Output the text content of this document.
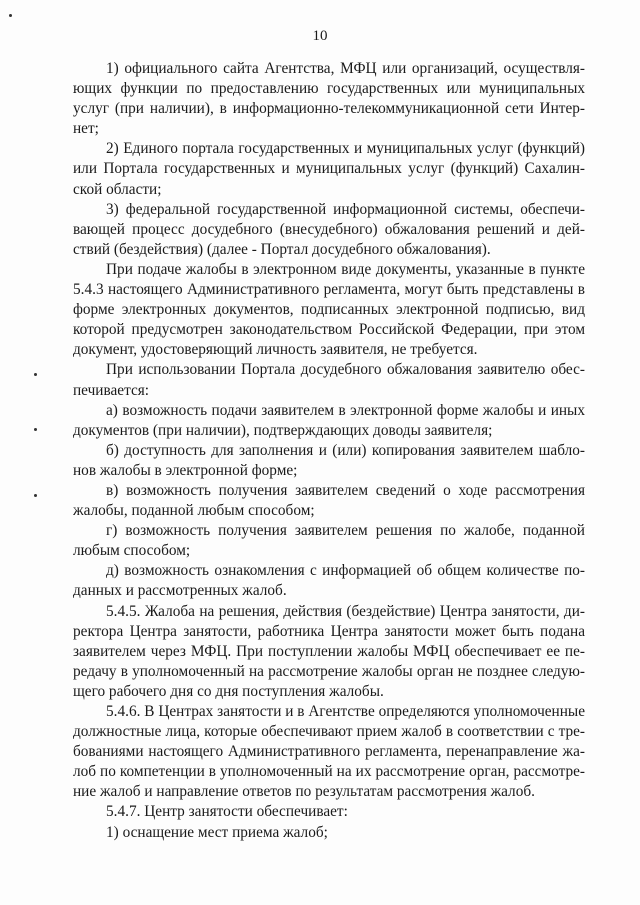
10
1) официального сайта Агентства, МФЦ или организаций, осуществля-
ющих функции по предоставлению государственных или муниципальных
услуг (при наличии), в информационно-телекоммуникационной сети Интер-
нет;
2) Единого портала государственных и муниципальных услуг (функций)
или Портала государственных и муниципальных услуг (функций) Сахалин-
ской области;
3) федеральной государственной информационной системы, обеспечи-
вающей процесс досудебного (внесудебного) обжалования решений и дей-
ствий (бездействия) (далее - Портал досудебного обжалования).
При подаче жалобы в электронном виде документы, указанные в пункте
5.4.3 настоящего Административного регламента, могут быть представлены в
форме электронных документов, подписанных электронной подписью, вид
которой предусмотрен законодательством Российской Федерации, при этом
документ, удостоверяющий личность заявителя, не требуется.
При использовании Портала досудебного обжалования заявителю обес-
печивается:
а) возможность подачи заявителем в электронной форме жалобы и иных
документов (при наличии), подтверждающих доводы заявителя;
б) доступность для заполнения и (или) копирования заявителем шабло-
нов жалобы в электронной форме;
в) возможность получения заявителем сведений о ходе рассмотрения
жалобы, поданной любым способом;
г) возможность получения заявителем решения по жалобе, поданной
любым способом;
д) возможность ознакомления с информацией об общем количестве по-
данных и рассмотренных жалоб.
5.4.5. Жалоба на решения, действия (бездействие) Центра занятости, ди-
ректора Центра занятости, работника Центра занятости может быть подана
заявителем через МФЦ. При поступлении жалобы МФЦ обеспечивает ее пе-
редачу в уполномоченный на рассмотрение жалобы орган не позднее следую-
щего рабочего дня со дня поступления жалобы.
5.4.6. В Центрах занятости и в Агентстве определяются уполномоченные
должностные лица, которые обеспечивают прием жалоб в соответствии с тре-
бованиями настоящего Административного регламента, перенаправление жа-
лоб по компетенции в уполномоченный на их рассмотрение орган, рассмотре-
ние жалоб и направление ответов по результатам рассмотрения жалоб.
5.4.7. Центр занятости обеспечивает:
1) оснащение мест приема жалоб;
